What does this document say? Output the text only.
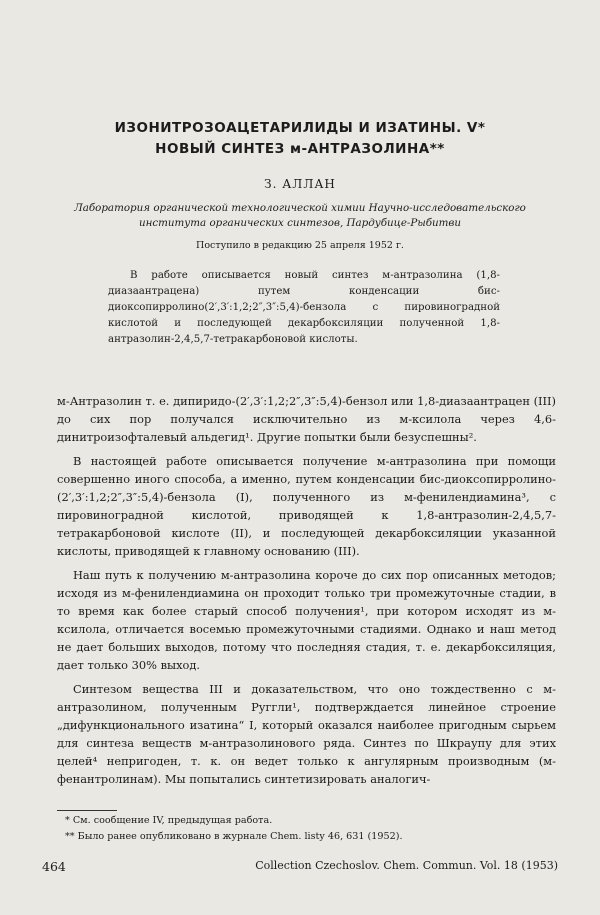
ИЗОНИТРОЗОАЦЕТАРИЛИДЫ И ИЗАТИНЫ. V*
НОВЫЙ СИНТЕЗ м-АНТРАЗОЛИНА**
З. АЛЛАН
Лаборатория органической технологической химии Научно-исследовательского института органических синтезов, Пардубице-Рыбитви
Поступило в редакцию 25 апреля 1952 г.
В работе описывается новый синтез м-антразолина (1,8-диазаантрацена) путем конденсации бис-диоксопирролино(2′,3′:1,2;2″,3″:5,4)-бензола с пировиноградной кислотой и последующей декарбоксиляции полученной 1,8-антразолин-2,4,5,7-тетракарбоновой кислоты.

м-Антразолин т. е. дипиридо-(2′,3′:1,2;2″,3″:5,4)-бензол или 1,8-диазаантрацен (III) до сих пор получался исключительно из м-ксилола через 4,6-динитроизофталевый альдегид¹. Другие попытки были безуспешны².

В настоящей работе описывается получение м-антразолина при помощи совершенно иного способа, а именно, путем конденсации бис-диоксопирролино-(2′,3′:1,2;2″,3″:5,4)-бензола (I), полученного из м-фенилендиамина³, с пировиноградной кислотой, приводящей к 1,8-антразолин-2,4,5,7-тетракарбоновой кислоте (II), и последующей декарбоксиляции указанной кислоты, приводящей к главному основанию (III).

Наш путь к получению м-антразолина короче до сих пор описанных методов; исходя из м-фенилендиамина он проходит только три промежуточные стадии, в то время как более старый способ получения¹, при котором исходят из м-ксилола, отличается восемью промежуточными стадиями. Однако и наш метод не дает больших выходов, потому что последняя стадия, т. е. декарбоксиляция, дает только 30% выход.

Синтезом вещества III и доказательством, что оно тождественно с м-антразолином, полученным Руггли¹, подтверждается линейное строение „дифункционального изатина“ I, который оказался наиболее пригодным сырьем для синтеза веществ м-антразолинового ряда. Синтез по Шкраупу для этих целей⁴ непригоден, т. к. он ведет только к ангулярным производным (м-фенантролинам). Мы попытались синтетизировать аналогич-

* См. сообщение IV, предыдущая работа.
** Было ранее опубликовано в журнале Chem. listy 46, 631 (1952).
464	Collection Czechoslov. Chem. Commun. Vol. 18 (1953)
